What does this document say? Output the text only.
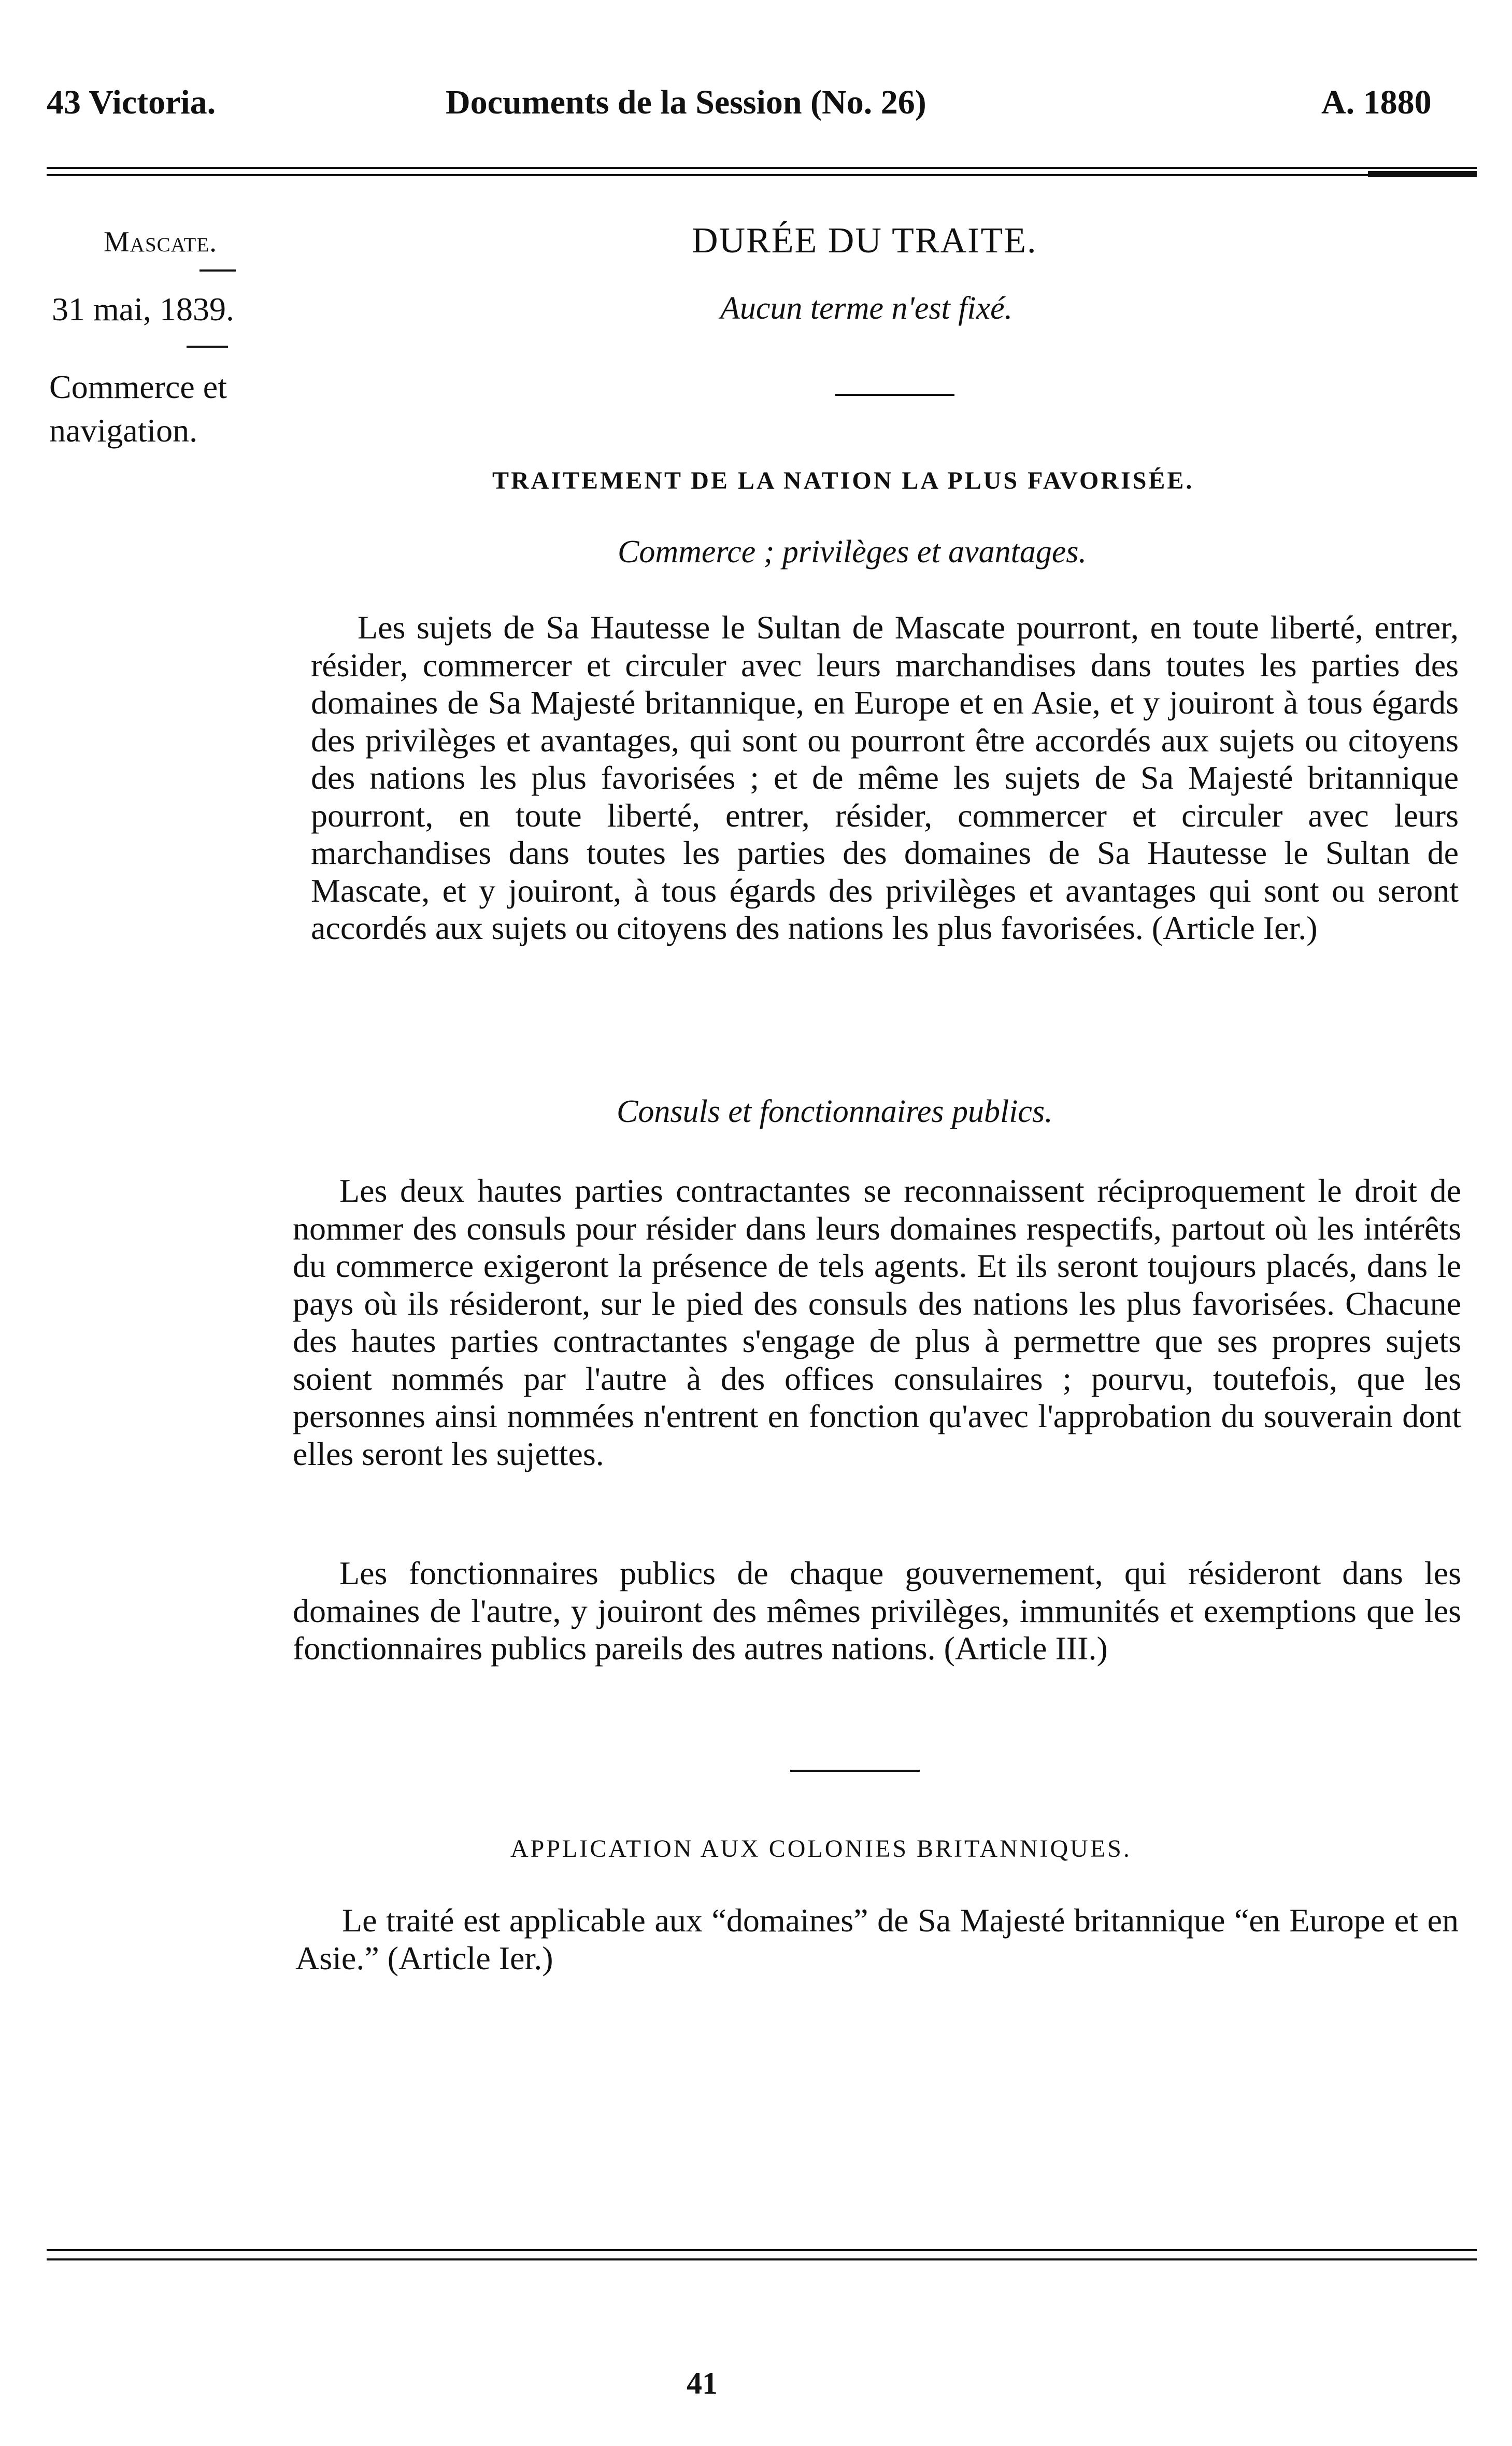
43 Victoria.	Documents de la Session (No. 26)	A. 1880
Mascate.
31 mai, 1839.
Commerce et navigation.
DURÉE DU TRAITE.
Aucun terme n'est fixé.
TRAITEMENT DE LA NATION LA PLUS FAVORISÉE.
Commerce ; privilèges et avantages.

Les sujets de Sa Hautesse le Sultan de Mascate pourront, en toute liberté, entrer, résider, commercer et circuler avec leurs marchandises dans toutes les parties des domaines de Sa Majesté britannique, en Europe et en Asie, et y jouiront à tous égards des privilèges et avantages, qui sont ou pourront être accordés aux sujets ou citoyens des nations les plus favorisées ; et de même les sujets de Sa Majesté britannique pourront, en toute liberté, entrer, résider, commercer et circuler avec leurs marchandises dans toutes les parties des domaines de Sa Hautesse le Sultan de Mascate, et y jouiront, à tous égards des privilèges et avantages qui sont ou seront accordés aux sujets ou citoyens des nations les plus favorisées. (Article Ier.)

Consuls et fonctionnaires publics.

Les deux hautes parties contractantes se reconnaissent réciproquement le droit de nommer des consuls pour résider dans leurs domaines respectifs, partout où les intérêts du commerce exigeront la présence de tels agents. Et ils seront toujours placés, dans le pays où ils résideront, sur le pied des consuls des nations les plus favorisées. Chacune des hautes parties contractantes s'engage de plus à permettre que ses propres sujets soient nommés par l'autre à des offices consulaires ; pourvu, toutefois, que les personnes ainsi nommées n'entrent en fonction qu'avec l'approbation du souverain dont elles seront les sujettes.

Les fonctionnaires publics de chaque gouvernement, qui résideront dans les domaines de l'autre, y jouiront des mêmes privilèges, immunités et exemptions que les fonctionnaires publics pareils des autres nations. (Article III.)

APPLICATION AUX COLONIES BRITANNIQUES.

Le traité est applicable aux “domaines” de Sa Majesté britannique “en Europe et en Asie.” (Article Ier.)

41
